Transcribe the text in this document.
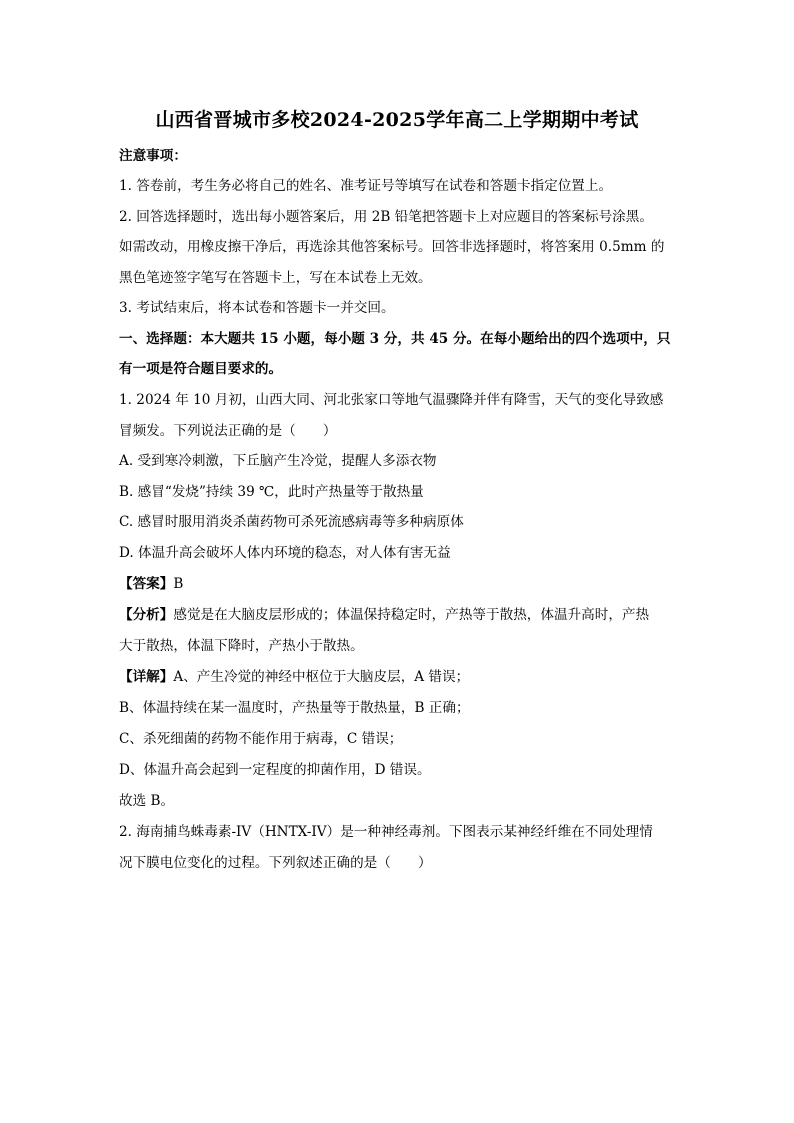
山西省晋城市多校2024-2025学年高二上学期期中考试
注意事项：
1. 答卷前，考生务必将自己的姓名、准考证号等填写在试卷和答题卡指定位置上。
2. 回答选择题时，选出每小题答案后，用 2B 铅笔把答题卡上对应题目的答案标号涂黑。
如需改动，用橡皮擦干净后，再选涂其他答案标号。回答非选择题时，将答案用 0.5mm 的
黑色笔迹签字笔写在答题卡上，写在本试卷上无效。
3. 考试结束后，将本试卷和答题卡一并交回。
一、选择题：本大题共 15 小题，每小题 3 分，共 45 分。在每小题给出的四个选项中，只
有一项是符合题目要求的。
1. 2024 年 10 月初，山西大同、河北张家口等地气温骤降并伴有降雪，天气的变化导致感
冒频发。下列说法正确的是（　　）
A. 受到寒冷刺激，下丘脑产生冷觉，提醒人多添衣物
B. 感冒“发烧”持续 39 ℃，此时产热量等于散热量
C. 感冒时服用消炎杀菌药物可杀死流感病毒等多种病原体
D. 体温升高会破坏人体内环境的稳态，对人体有害无益
【答案】B
【分析】感觉是在大脑皮层形成的；体温保持稳定时，产热等于散热，体温升高时，产热
大于散热，体温下降时，产热小于散热。
【详解】A、产生冷觉的神经中枢位于大脑皮层，A 错误；
B、体温持续在某一温度时，产热量等于散热量，B 正确；
C、杀死细菌的药物不能作用于病毒，C 错误；
D、体温升高会起到一定程度的抑菌作用，D 错误。
故选 B。
2. 海南捕鸟蛛毒素-IV（HNTX-IV）是一种神经毒剂。下图表示某神经纤维在不同处理情
况下膜电位变化的过程。下列叙述正确的是（　　）
